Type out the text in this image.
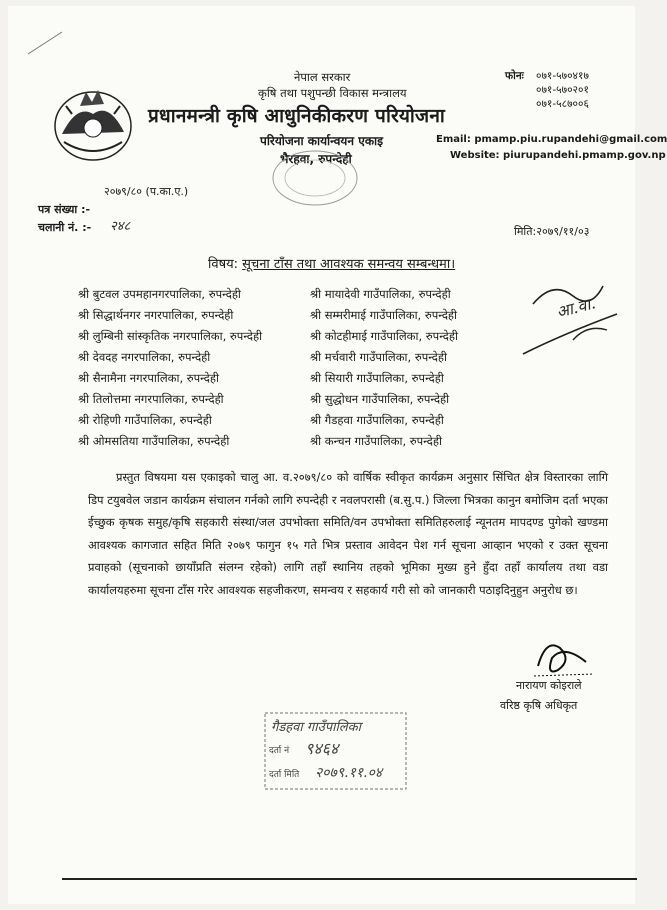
नेपाल सरकार
कृषि तथा पशुपन्छी विकास मन्त्रालय
प्रधानमन्त्री कृषि आधुनिकीकरण परियोजना
परियोजना कार्यान्वयन एकाइ
भैरहवा, रुपन्देही
फोनः ०७१-५७०४१७
०७१-५७०२०१
०७१-५८७००६
Email: pmamp.piu.rupandehi@gmail.com
Website: piurupandehi.pmamp.gov.np
२०७९/८० (प.का.ए.)
पत्र संख्या :-
चलानी नं. :- २४८	मिति:२०७९/११/०३
विषय: सूचना टाँस तथा आवश्यक समन्वय सम्बन्धमा।
श्री बुटवल उपमहानगरपालिका, रुपन्देही
श्री सिद्धार्थनगर नगरपालिका, रुपन्देही
श्री लुम्बिनी सांस्कृतिक नगरपालिका, रुपन्देही
श्री देवदह नगरपालिका, रुपन्देही
श्री सैनामैना नगरपालिका, रुपन्देही
श्री तिलोत्तमा नगरपालिका, रुपन्देही
श्री रोहिणी गाउँपालिका, रुपन्देही
श्री ओमसतिया गाउँपालिका, रुपन्देही
श्री मायादेवी गाउँपालिका, रुपन्देही
श्री सम्मरीमाई गाउँपालिका, रुपन्देही
श्री कोटहीमाई गाउँपालिका, रुपन्देही
श्री मर्चवारी गाउँपालिका, रुपन्देही
श्री सियारी गाउँपालिका, रुपन्देही
श्री सुद्धोधन गाउँपालिका, रुपन्देही
श्री गैडहवा गाउँपालिका, रुपन्देही
श्री कन्चन गाउँपालिका, रुपन्देही
आ.वा.

प्रस्तुत विषयमा यस एकाइको चालु आ. व.२०७९/८० को वार्षिक स्वीकृत कार्यक्रम अनुसार सिंचित क्षेत्र विस्तारका लागि डिप टयुबवेल जडान कार्यक्रम संचालन गर्नको लागि रुपन्देही र नवलपरासी (ब.सु.प.) जिल्ला भित्रका कानुन बमोजिम दर्ता भएका ईच्छुक कृषक समुह/कृषि सहकारी संस्था/जल उपभोक्ता समिति/वन उपभोक्ता समितिहरुलाई न्यूनतम मापदण्ड पुगेको खण्डमा आवश्यक कागजात सहित मिति २०७९ फागुन १५ गते भित्र प्रस्ताव आवेदन पेश गर्न सूचना आव्हान भएको र उक्त सूचना प्रवाहको (सूचनाको छायाँप्रति संलग्न रहेको) लागि तहाँ स्थानिय तहको भूमिका मुख्य हुने हुँदा तहाँ कार्यालय तथा वडा कार्यालयहरुमा सूचना टाँस गरेर आवश्यक सहजीकरण, समन्वय र सहकार्य गरी सो को जानकारी पठाइदिनुहुन अनुरोध छ।

नारायण कोइराले
वरिष्ठ कृषि अधिकृत
गैडहवा गाउँपालिका
दर्ता नं ९४६४
दर्ता मिति २०७९.११.०४
